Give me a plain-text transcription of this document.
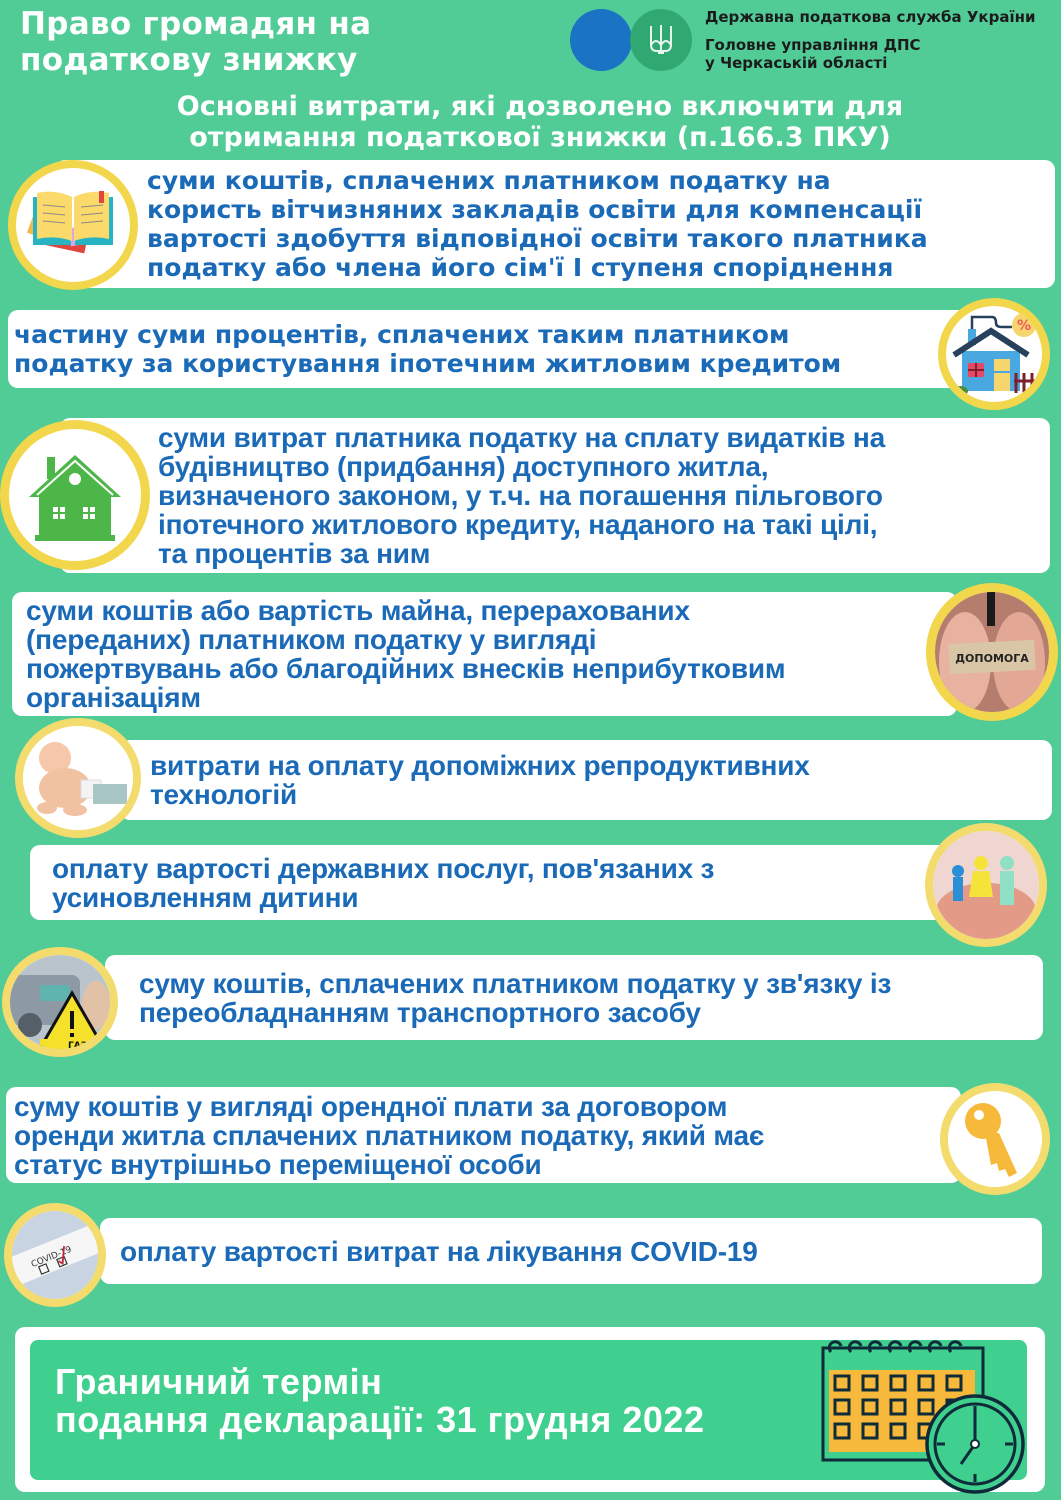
Право громадян на
податкову знижку
Державна податкова служба України
Головне управління ДПС
у Черкаській області
Основні витрати, які дозволено включити для
отримання податкової знижки (п.166.3 ПКУ)
суми коштів, сплачених платником податку на
користь вітчизняних закладів освіти для компенсації
вартості здобуття відповідної освіти такого платника
податку або члена його сім'ї I ступеня споріднення
частину суми процентів, сплачених таким платником
податку за користування іпотечним житловим кредитом
%
суми витрат платника податку на сплату видатків на
будівництво (придбання) доступного житла,
визначеного законом, у т.ч. на погашення пільгового
іпотечного житлового кредиту, наданого на такі цілі,
та процентів за ним
суми коштів або вартість майна, перерахованих
(переданих) платником податку у вигляді
пожертвувань або благодійних внесків неприбутковим
організаціям
ДОПОМОГА
витрати на оплату допоміжних репродуктивних
технологій
оплату вартості державних послуг, пов'язаних з
усиновленням дитини
суму коштів, сплачених платником податку у зв'язку із
переобладнанням транспортного засобу
ГАЗ
суму коштів у вигляді орендної плати за договором
оренди житла сплачених платником податку, який має
статус внутрішньо переміщеної особи
оплату вартості витрат на лікування COVID-19
COVID-19
Граничний термін
подання декларації: 31 грудня 2022
